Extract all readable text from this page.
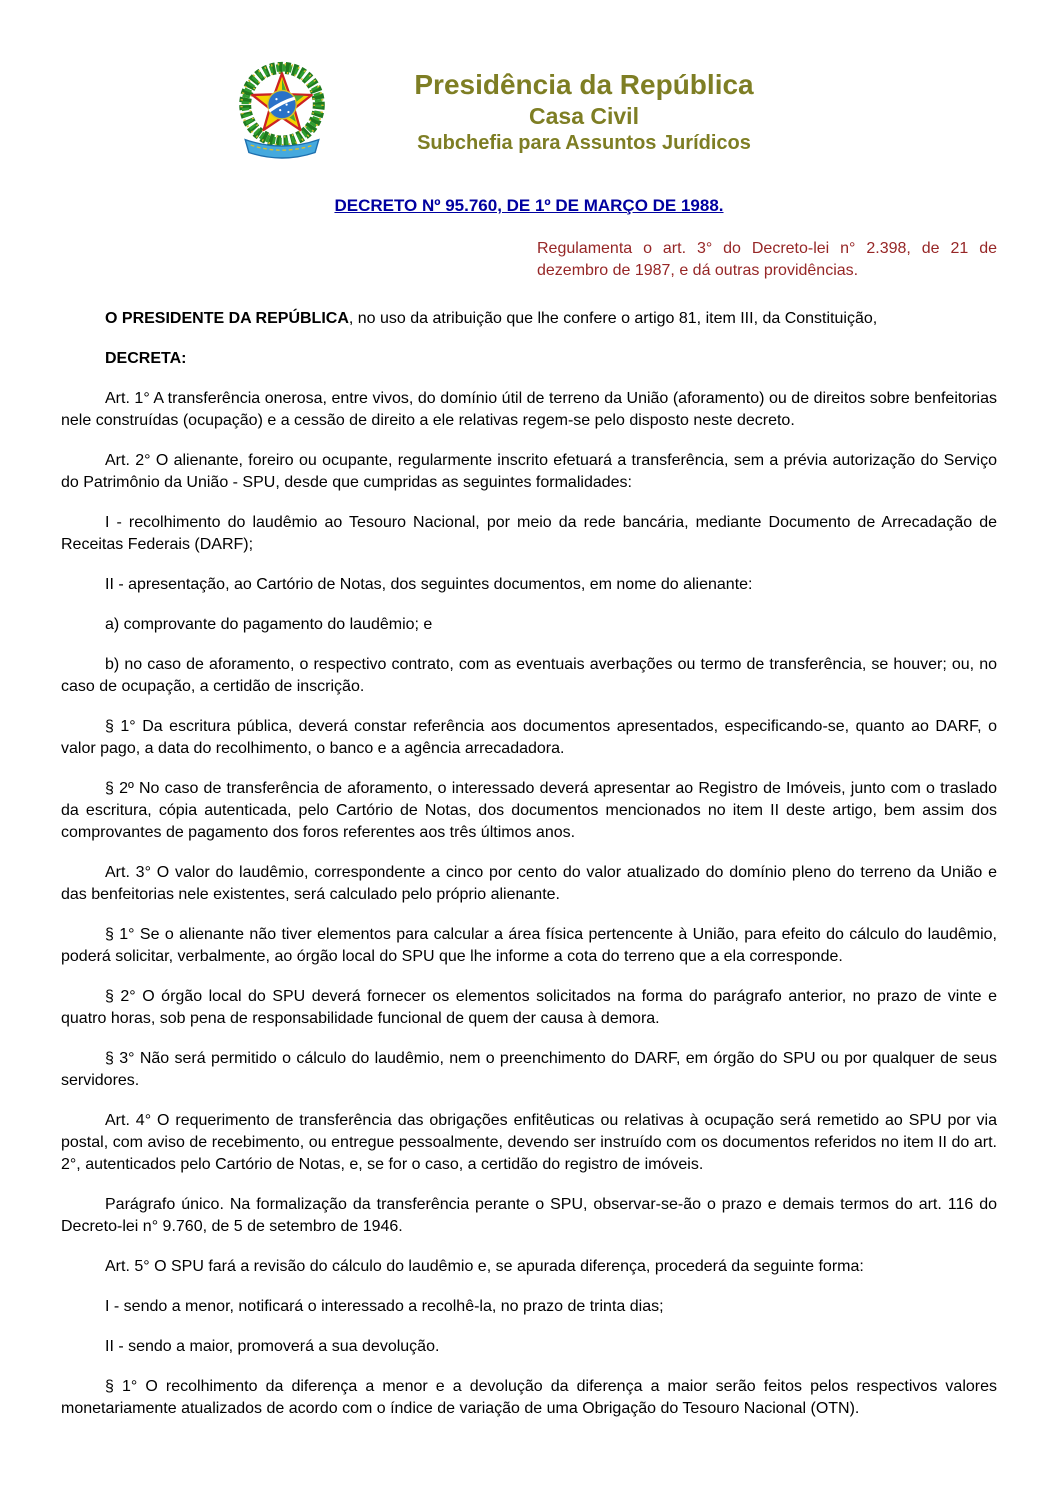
Presidência da República
Casa Civil
Subchefia para Assuntos Jurídicos

DECRETO Nº 95.760, DE 1º DE MARÇO DE 1988.

Regulamenta o art. 3° do Decreto-lei n° 2.398, de 21 de dezembro de 1987, e dá outras providências.

O PRESIDENTE DA REPÚBLICA, no uso da atribuição que lhe confere o artigo 81, item III, da Constituição,

DECRETA:

Art. 1° A transferência onerosa, entre vivos, do domínio útil de terreno da União (aforamento) ou de direitos sobre benfeitorias nele construídas (ocupação) e a cessão de direito a ele relativas regem-se pelo disposto neste decreto.

Art. 2° O alienante, foreiro ou ocupante, regularmente inscrito efetuará a transferência, sem a prévia autorização do Serviço do Patrimônio da União - SPU, desde que cumpridas as seguintes formalidades:

I - recolhimento do laudêmio ao Tesouro Nacional, por meio da rede bancária, mediante Documento de Arrecadação de Receitas Federais (DARF);

II - apresentação, ao Cartório de Notas, dos seguintes documentos, em nome do alienante:

a) comprovante do pagamento do laudêmio; e

b) no caso de aforamento, o respectivo contrato, com as eventuais averbações ou termo de transferência, se houver; ou, no caso de ocupação, a certidão de inscrição.

§ 1° Da escritura pública, deverá constar referência aos documentos apresentados, especificando-se, quanto ao DARF, o valor pago, a data do recolhimento, o banco e a agência arrecadadora.

§ 2º No caso de transferência de aforamento, o interessado deverá apresentar ao Registro de Imóveis, junto com o traslado da escritura, cópia autenticada, pelo Cartório de Notas, dos documentos mencionados no item II deste artigo, bem assim dos comprovantes de pagamento dos foros referentes aos três últimos anos.

Art. 3° O valor do laudêmio, correspondente a cinco por cento do valor atualizado do domínio pleno do terreno da União e das benfeitorias nele existentes, será calculado pelo próprio alienante.

§ 1° Se o alienante não tiver elementos para calcular a área física pertencente à União, para efeito do cálculo do laudêmio, poderá solicitar, verbalmente, ao órgão local do SPU que lhe informe a cota do terreno que a ela corresponde.

§ 2° O órgão local do SPU deverá fornecer os elementos solicitados na forma do parágrafo anterior, no prazo de vinte e quatro horas, sob pena de responsabilidade funcional de quem der causa à demora.

§ 3° Não será permitido o cálculo do laudêmio, nem o preenchimento do DARF, em órgão do SPU ou por qualquer de seus servidores.

Art. 4° O requerimento de transferência das obrigações enfitêuticas ou relativas à ocupação será remetido ao SPU por via postal, com aviso de recebimento, ou entregue pessoalmente, devendo ser instruído com os documentos referidos no item II do art. 2°, autenticados pelo Cartório de Notas, e, se for o caso, a certidão do registro de imóveis.

Parágrafo único. Na formalização da transferência perante o SPU, observar-se-ão o prazo e demais termos do art. 116 do Decreto-lei n° 9.760, de 5 de setembro de 1946.

Art. 5° O SPU fará a revisão do cálculo do laudêmio e, se apurada diferença, procederá da seguinte forma:

I - sendo a menor, notificará o interessado a recolhê-la, no prazo de trinta dias;

II - sendo a maior, promoverá a sua devolução.

§ 1° O recolhimento da diferença a menor e a devolução da diferença a maior serão feitos pelos respectivos valores monetariamente atualizados de acordo com o índice de variação de uma Obrigação do Tesouro Nacional (OTN).
